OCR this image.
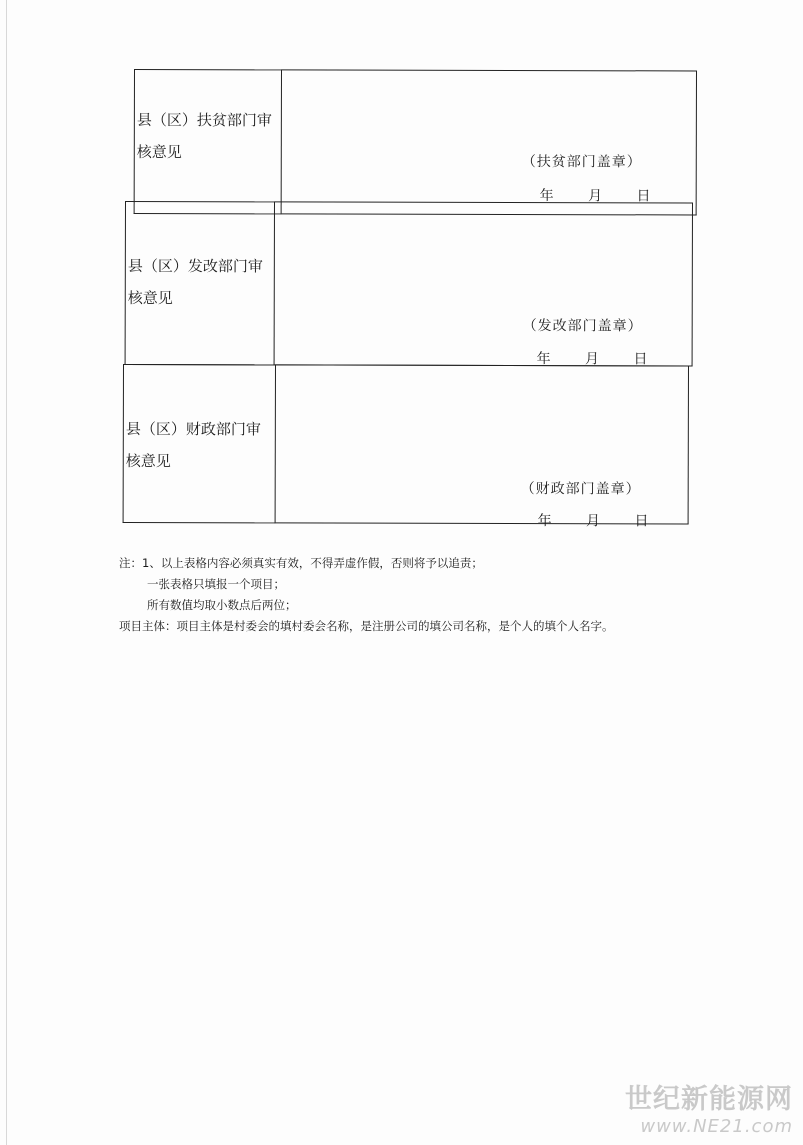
县（区）扶贫部门审核意见	
（扶贫部门盖章）
年 月 日
县（区）发改部门审核意见	
（发改部门盖章）
年 月 日
县（区）财政部门审核意见	
（财政部门盖章）
年 月 日
注：1、以上表格内容必须真实有效，不得弄虚作假，否则将予以追责；
一张表格只填报一个项目；
所有数值均取小数点后两位；
项目主体：项目主体是村委会的填村委会名称，是注册公司的填公司名称，是个人的填个人名字。
世纪新能源网
www.NE21.com
